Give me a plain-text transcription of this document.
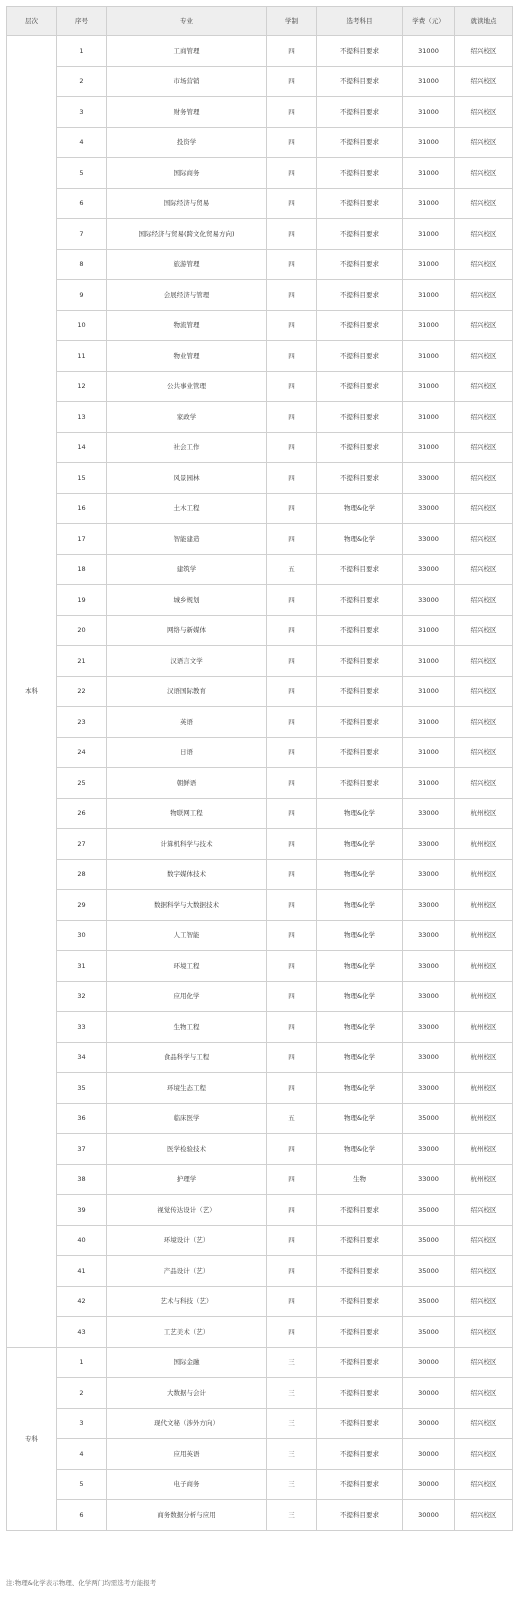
层次	序号	专业	学制	选考科目	学费（元）	就读地点
本科	1	工商管理	四	不提科目要求	31000	绍兴校区
	2	市场营销	四	不提科目要求	31000	绍兴校区
	3	财务管理	四	不提科目要求	31000	绍兴校区
	4	投资学	四	不提科目要求	31000	绍兴校区
	5	国际商务	四	不提科目要求	31000	绍兴校区
	6	国际经济与贸易	四	不提科目要求	31000	绍兴校区
	7	国际经济与贸易(跨文化贸易方向)	四	不提科目要求	31000	绍兴校区
	8	旅游管理	四	不提科目要求	31000	绍兴校区
	9	会展经济与管理	四	不提科目要求	31000	绍兴校区
	10	物流管理	四	不提科目要求	31000	绍兴校区
	11	物业管理	四	不提科目要求	31000	绍兴校区
	12	公共事业管理	四	不提科目要求	31000	绍兴校区
	13	家政学	四	不提科目要求	31000	绍兴校区
	14	社会工作	四	不提科目要求	31000	绍兴校区
	15	风景园林	四	不提科目要求	33000	绍兴校区
	16	土木工程	四	物理&化学	33000	绍兴校区
	17	智能建造	四	物理&化学	33000	绍兴校区
	18	建筑学	五	不提科目要求	33000	绍兴校区
	19	城乡规划	四	不提科目要求	33000	绍兴校区
	20	网络与新媒体	四	不提科目要求	31000	绍兴校区
	21	汉语言文学	四	不提科目要求	31000	绍兴校区
	22	汉语国际教育	四	不提科目要求	31000	绍兴校区
	23	英语	四	不提科目要求	31000	绍兴校区
	24	日语	四	不提科目要求	31000	绍兴校区
	25	朝鲜语	四	不提科目要求	31000	绍兴校区
	26	物联网工程	四	物理&化学	33000	杭州校区
	27	计算机科学与技术	四	物理&化学	33000	杭州校区
	28	数字媒体技术	四	物理&化学	33000	杭州校区
	29	数据科学与大数据技术	四	物理&化学	33000	杭州校区
	30	人工智能	四	物理&化学	33000	杭州校区
	31	环境工程	四	物理&化学	33000	杭州校区
	32	应用化学	四	物理&化学	33000	杭州校区
	33	生物工程	四	物理&化学	33000	杭州校区
	34	食品科学与工程	四	物理&化学	33000	杭州校区
	35	环境生态工程	四	物理&化学	33000	杭州校区
	36	临床医学	五	物理&化学	35000	杭州校区
	37	医学检验技术	四	物理&化学	33000	杭州校区
	38	护理学	四	生物	33000	杭州校区
	39	视觉传达设计（艺）	四	不提科目要求	35000	绍兴校区
	40	环境设计（艺）	四	不提科目要求	35000	绍兴校区
	41	产品设计（艺）	四	不提科目要求	35000	绍兴校区
	42	艺术与科技（艺）	四	不提科目要求	35000	绍兴校区
	43	工艺美术（艺）	四	不提科目要求	35000	绍兴校区
专科	1	国际金融	三	不提科目要求	30000	绍兴校区
	2	大数据与会计	三	不提科目要求	30000	绍兴校区
	3	现代文秘（涉外方向）	三	不提科目要求	30000	绍兴校区
	4	应用英语	三	不提科目要求	30000	绍兴校区
	5	电子商务	三	不提科目要求	30000	绍兴校区
	6	商务数据分析与应用	三	不提科目要求	30000	绍兴校区
注:物理&化学表示物理、化学两门均需选考方能报考
